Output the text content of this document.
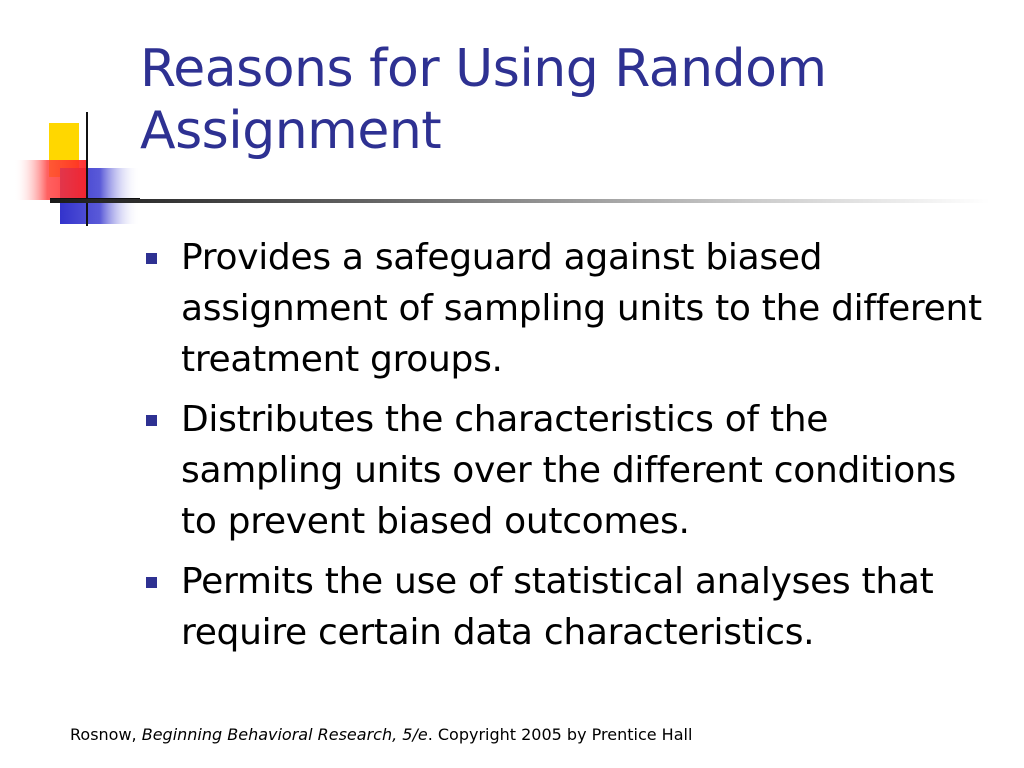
Reasons for Using Random Assignment
Provides a safeguard against biased assignment of sampling units to the different treatment groups.
Distributes the characteristics of the sampling units over the different conditions to prevent biased outcomes.
Permits the use of statistical analyses that require certain data characteristics.
Rosnow, Beginning Behavioral Research, 5/e. Copyright 2005 by Prentice Hall
